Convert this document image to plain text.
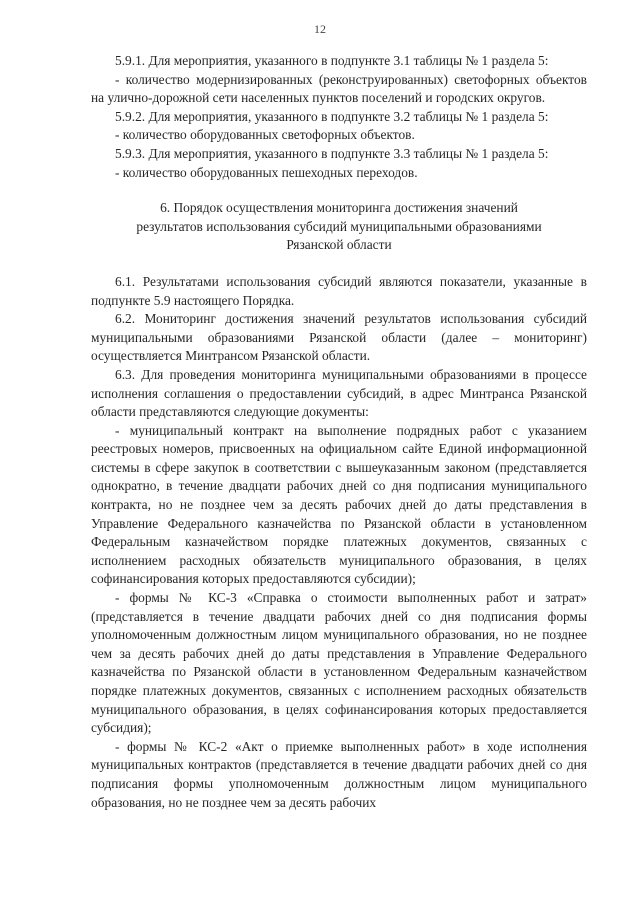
12

5.9.1. Для мероприятия, указанного в подпункте 3.1 таблицы № 1 раздела 5:

- количество модернизированных (реконструированных) светофорных объектов на улично-дорожной сети населенных пунктов поселений и городских округов.

5.9.2. Для мероприятия, указанного в подпункте 3.2 таблицы № 1 раздела 5:

- количество оборудованных светофорных объектов.

5.9.3. Для мероприятия, указанного в подпункте 3.3 таблицы № 1 раздела 5:

- количество оборудованных пешеходных переходов.

6. Порядок осуществления мониторинга достижения значений
результатов использования субсидий муниципальными образованиями
Рязанской области

6.1. Результатами использования субсидий являются показатели, указанные в подпункте 5.9 настоящего Порядка.

6.2. Мониторинг достижения значений результатов использования субсидий муниципальными образованиями Рязанской области (далее – мониторинг) осуществляется Минтрансом Рязанской области.

6.3. Для проведения мониторинга муниципальными образованиями в процессе исполнения соглашения о предоставлении субсидий, в адрес Минтранса Рязанской области представляются следующие документы:

- муниципальный контракт на выполнение подрядных работ с указанием реестровых номеров, присвоенных на официальном сайте Единой информационной системы в сфере закупок в соответствии с вышеуказанным законом (представляется однократно, в течение двадцати рабочих дней со дня подписания муниципального контракта, но не позднее чем за десять рабочих дней до даты представления в Управление Федерального казначейства по Рязанской области в установленном Федеральным казначейством порядке платежных документов, связанных с исполнением расходных обязательств муниципального образования, в целях софинансирования которых предоставляются субсидии);

- формы № КС-3 «Справка о стоимости выполненных работ и затрат» (представляется в течение двадцати рабочих дней со дня подписания формы уполномоченным должностным лицом муниципального образования, но не позднее чем за десять рабочих дней до даты представления в Управление Федерального казначейства по Рязанской области в установленном Федеральным казначейством порядке платежных документов, связанных с исполнением расходных обязательств муниципального образования, в целях софинансирования которых предоставляется субсидия);

- формы № КС-2 «Акт о приемке выполненных работ» в ходе исполнения муниципальных контрактов (представляется в течение двадцати рабочих дней со дня подписания формы уполномоченным должностным лицом муниципального образования, но не позднее чем за десять рабочих
